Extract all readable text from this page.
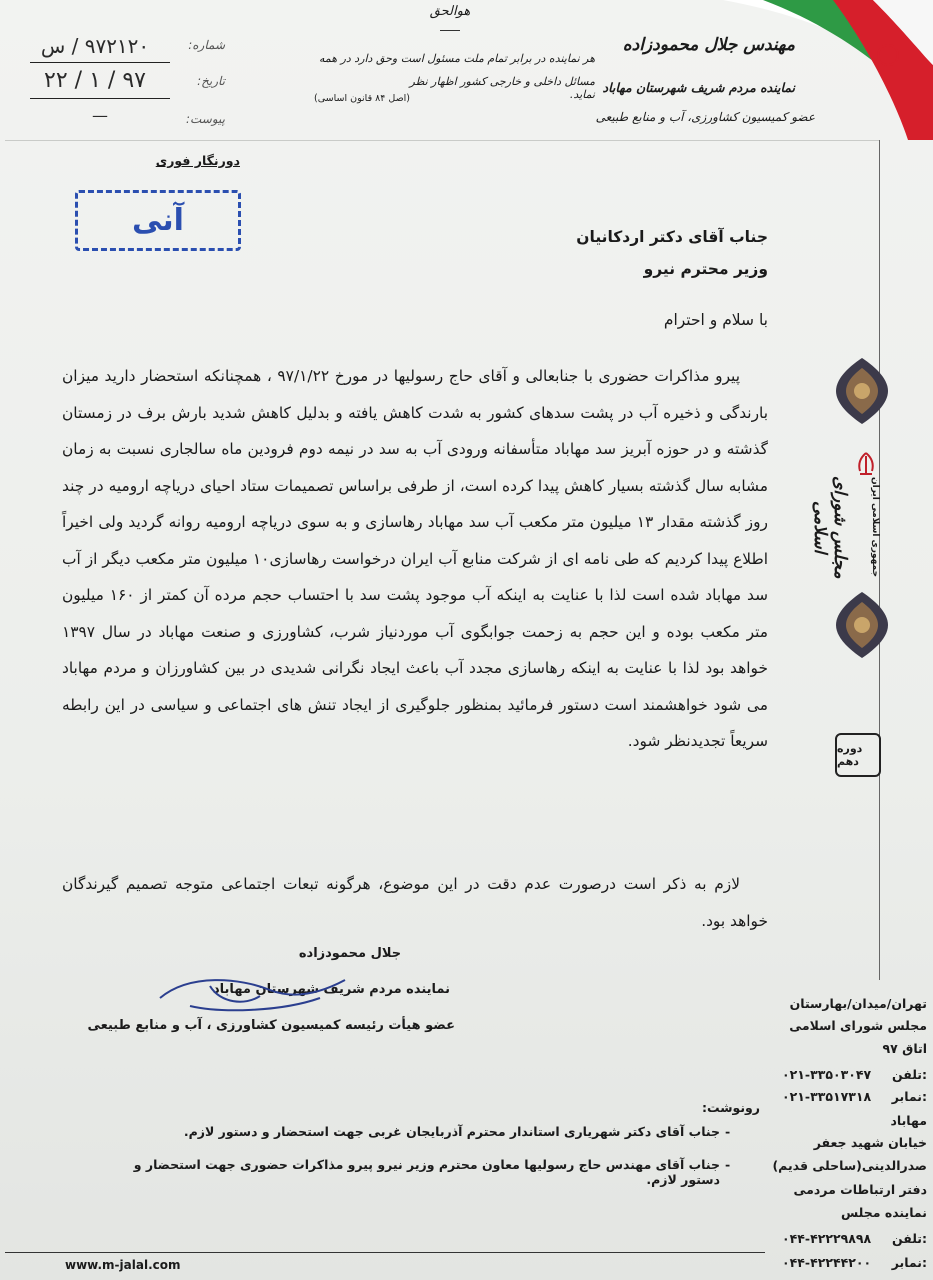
مهندس جلال محمودزاده
نماینده مردم شریف شهرستان مهاباد
عضو کمیسیون کشاورزی، آب و منابع طبیعی
هوالحق
هر نماینده در برابر تمام ملت مسئول است وحق دارد در همه
مسائل داخلی و خارجی کشور اظهار نظر نماید.
(اصل ۸۴ قانون اساسی)
شماره:
۹۷۲۱۲۰ / س
تاریخ:
۹۷ / ۱ / ۲۲
پیوست:
—
دورنگار فوری
آنی	جناب آقای دکتر اردکانیان
وزیر محترم نیرو
با سلام و احترام
پیرو مذاکرات حضوری با جنابعالی و آقای حاج رسولیها در مورخ ۹۷/۱/۲۲ ، همچنانکه استحضار دارید میزان بارندگی و ذخیره آب در پشت سدهای کشور به شدت کاهش یافته و بدلیل کاهش شدید بارش برف در زمستان گذشته و در حوزه آبریز سد مهاباد متأسفانه ورودی آب به سد در نیمه دوم فرودین ماه سالجاری نسبت به زمان مشابه سال گذشته بسیار کاهش پیدا کرده است، از طرفی براساس تصمیمات ستاد احیای دریاچه ارومیه در چند روز گذشته مقدار ۱۳ میلیون متر مکعب آب سد مهاباد رهاسازی و به سوی دریاچه ارومیه روانه گردید ولی اخیراً اطلاع پیدا کردیم که طی نامه ای از شرکت منابع آب ایران درخواست رهاسازی۱۰ میلیون متر مکعب دیگر از آب سد مهاباد شده است لذا با عنایت به اینکه آب موجود پشت سد با احتساب حجم مرده آن کمتر از ۱۶۰ میلیون متر مکعب بوده و این حجم به زحمت جوابگوی آب موردنیاز شرب، کشاورزی و صنعت مهاباد در سال ۱۳۹۷ خواهد بود لذا با عنایت به اینکه رهاسازی مجدد آب باعث ایجاد نگرانی شدیدی در بین کشاورزان و مردم مهاباد می شود خواهشمند است دستور فرمائید بمنظور جلوگیری از ایجاد تنش های اجتماعی و سیاسی در این رابطه سریعاً تجدیدنظر شود.
لازم به ذکر است درصورت عدم دقت در این موضوع، هرگونه تبعات اجتماعی متوجه تصمیم گیرندگان خواهد بود.
جلال محمودزاده
نماینده مردم شریف شهرستان مهاباد
عضو هیأت رئیسه کمیسیون کشاورزی ، آب و منابع طبیعی
رونوشت:
جناب آقای دکتر شهریاری استاندار محترم آذربایجان غربی جهت استحضار و دستور لازم. -
جناب آقای مهندس حاج رسولیها معاون محترم وزیر نیرو پیرو مذاکرات حضوری جهت استحضار و دستور لازم.
-
www.m-jalal.com
جمهوری اسلامی ایران
مجلس شورای اسلامی
دوره دهم
تهران/میدان/بهارستان
مجلس شورای اسلامی
اتاق ۹۷
تلفن:
۰۲۱-۳۳۵۰۳۰۴۷
نمابر:
۰۲۱-۳۳۵۱۷۳۱۸
مهاباد
خیابان شهید جعفر
صدرالدینی(ساحلی قدیم)
دفتر ارتباطات مردمی
نماینده مجلس
تلفن:
۰۴۴-۴۲۲۲۹۸۹۸
نمابر:
۰۴۴-۴۲۲۴۴۲۰۰
